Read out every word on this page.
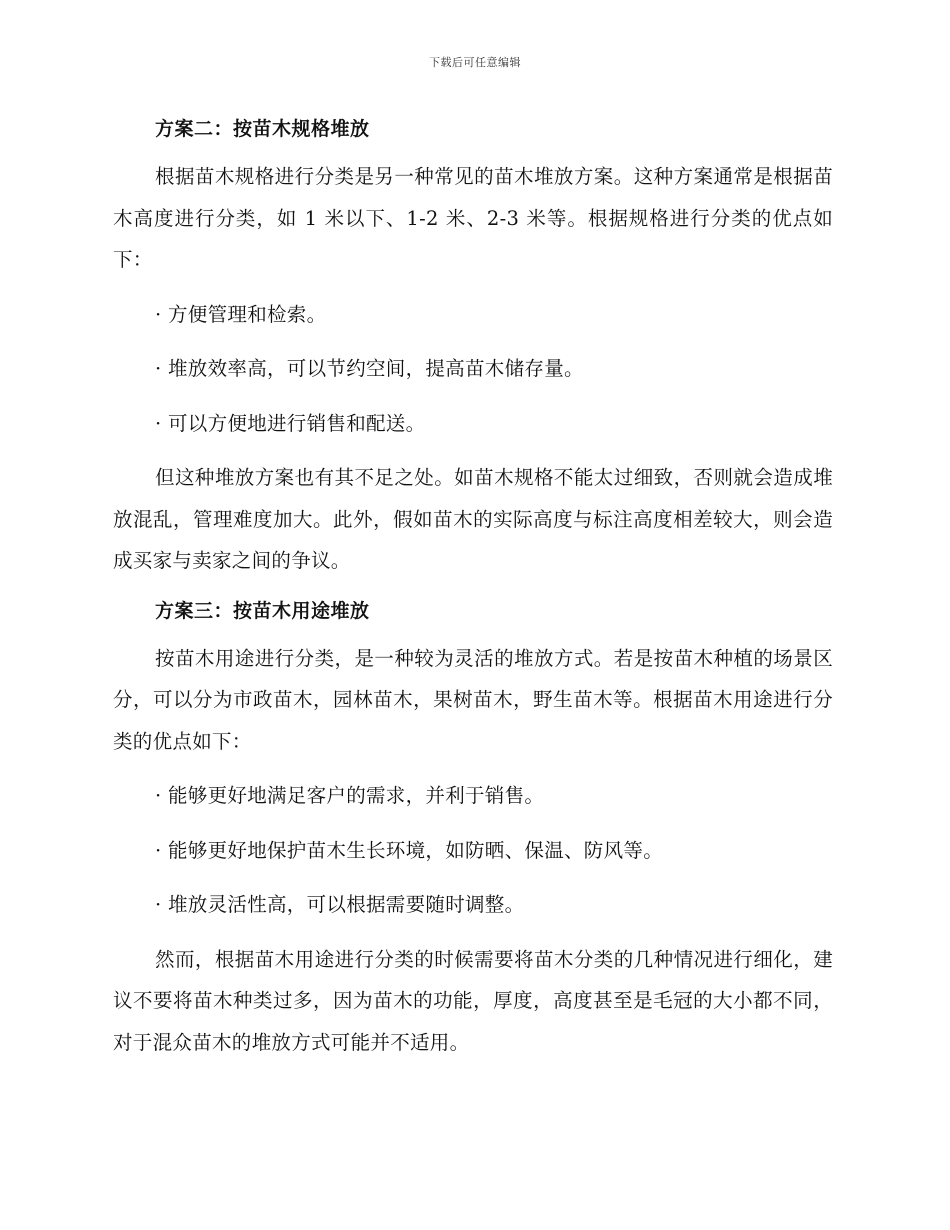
下载后可任意编辑
方案二：按苗木规格堆放

根据苗木规格进行分类是另一种常见的苗木堆放方案。这种方案通常是根据苗木高度进行分类，如 1 米以下、1-2 米、2-3 米等。根据规格进行分类的优点如下：

· 方便管理和检索。
· 堆放效率高，可以节约空间，提高苗木储存量。
· 可以方便地进行销售和配送。

但这种堆放方案也有其不足之处。如苗木规格不能太过细致，否则就会造成堆放混乱，管理难度加大。此外，假如苗木的实际高度与标注高度相差较大，则会造成买家与卖家之间的争议。

方案三：按苗木用途堆放

按苗木用途进行分类，是一种较为灵活的堆放方式。若是按苗木种植的场景区分，可以分为市政苗木，园林苗木，果树苗木，野生苗木等。根据苗木用途进行分类的优点如下：

· 能够更好地满足客户的需求，并利于销售。
· 能够更好地保护苗木生长环境，如防晒、保温、防风等。
· 堆放灵活性高，可以根据需要随时调整。

然而，根据苗木用途进行分类的时候需要将苗木分类的几种情况进行细化，建议不要将苗木种类过多，因为苗木的功能，厚度，高度甚至是毛冠的大小都不同，对于混众苗木的堆放方式可能并不适用。
